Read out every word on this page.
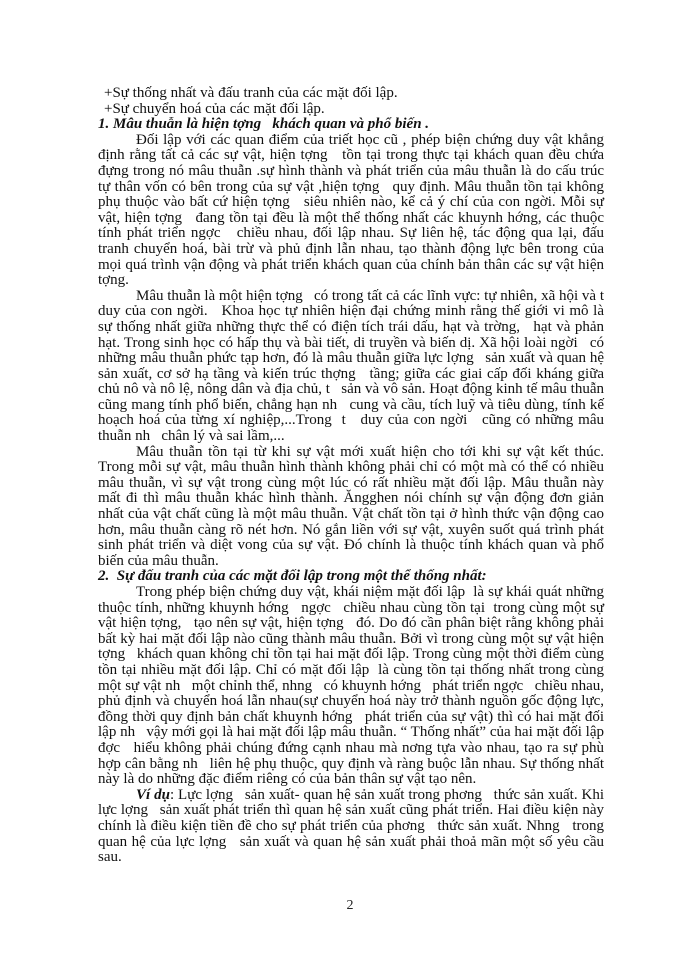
+Sự thống nhất và đấu tranh của các mặt đối lập.
+Sự chuyển hoá của các mặt đối lập.
1. Mâu thuẫn là hiện tợng   khách quan và phổ biến .

Đối lập với các quan điểm của triết học cũ , phép biện chứng duy vật khẳng định rằng tất cả các sự vật, hiện tợng   tồn tại trong thực tại khách quan đều chứa đựng trong nó mâu thuẫn .sự hình thành và phát triển của mâu thuẫn là do cấu trúc tự thân vốn có bên trong của sự vật ,hiện tợng   quy định. Mâu thuẫn tồn tại không phụ thuộc vào bất cứ hiện tợng   siêu nhiên nào, kể cả ý chí của con ngời. Mỗi sự vật, hiện tợng   đang tồn tại đều là một thể thống nhất các khuynh hớng, các thuộc tính phát triển ngợc   chiều nhau, đối lập nhau. Sự liên hệ, tác động qua lại, đấu tranh chuyển hoá, bài trừ và phủ định lẫn nhau, tạo thành động lực bên trong của mọi quá trình vận động và phát triển khách quan của chính bản thân các sự vật hiện tợng.

Mâu thuẫn là một hiện tợng   có trong tất cả các lĩnh vực: tự nhiên, xã hội và t   duy của con ngời.   Khoa học tự nhiên hiện đại chứng minh rằng thế giới vi mô là sự thống nhất giữa những thực thể có điện tích trái dấu, hạt và trờng,   hạt và phản hạt. Trong sinh học có hấp thụ và bài tiết, di truyền và biến dị. Xã hội loài ngời   có những mâu thuẫn phức tạp hơn, đó là mâu thuẫn giữa lực lợng   sản xuất và quan hệ sản xuất, cơ sở hạ tầng và kiến trúc thợng   tầng; giữa các giai cấp đối kháng giữa chủ nô và nô lệ, nông dân và địa chủ, t   sản và vô sản. Hoạt động kinh tế mâu thuẫn cũng mang tính phổ biến, chẳng hạn nh   cung và cầu, tích luỹ và tiêu dùng, tính kế hoạch hoá của từng xí nghiệp,...Trong  t   duy của con ngời   cũng có những mâu thuẫn nh   chân lý và sai lầm,...

Mâu thuẫn tồn tại từ khi sự vật mới xuất hiện cho tới khi sự vật kết thúc. Trong mỗi sự vật, mâu thuẫn hình thành không phải chỉ có một mà có thể có nhiều mâu thuẫn, vì sự vật trong cùng một lúc có rất nhiều mặt đối lập. Mâu thuẫn này mất đi thì mâu thuẫn khác hình thành. Ăngghen nói chính sự vận động đơn giản nhất của vật chất cũng là một mâu thuẫn. Vật chất tồn tại ở hình thức vận động cao hơn, mâu thuẫn càng rõ nét hơn. Nó gắn liền với sự vật, xuyên suốt quá trình phát sinh phát triển và diệt vong của sự vật. Đó chính là thuộc tính khách quan và phổ biến của mâu thuẫn.

2.  Sự đấu tranh của các mặt đối lập trong một thể thống nhất:

Trong phép biện chứng duy vật, khái niệm mặt đối lập  là sự khái quát những thuộc tính, những khuynh hớng   ngợc   chiều nhau cùng tồn tại  trong cùng một sự vật hiện tợng,   tạo nên sự vật, hiện tợng   đó. Do đó cần phân biệt rằng không phải bất kỳ hai mặt đối lập nào cũng thành mâu thuẫn. Bởi vì trong cùng một sự vật hiện tợng   khách quan không chỉ tồn tại hai mặt đối lập. Trong cùng một thời điểm cùng tồn tại nhiều mặt đối lập. Chỉ có mặt đối lập  là cùng tồn tại thống nhất trong cùng một sự vật nh   một chỉnh thể, nhng   có khuynh hớng   phát triển ngợc   chiều nhau, phủ định và chuyển hoá lẫn nhau(sự chuyển hoá này trở thành nguồn gốc động lực, đồng thời quy định bản chất khuynh hớng   phát triển của sự vật) thì có hai mặt đối lập nh   vậy mới gọi là hai mặt đối lập mâu thuẫn. “ Thống nhất” của hai mặt đối lập đợc   hiểu không phải chúng đứng cạnh nhau mà nơng tựa vào nhau, tạo ra sự phù hợp cân bằng nh   liên hệ phụ thuộc, quy định và ràng buộc lẫn nhau. Sự thống nhất này là do những đặc điểm riêng có của bản thân sự vật tạo nên.

Ví dụ: Lực lợng   sản xuất- quan hệ sản xuất trong phơng   thức sản xuất. Khi lực lợng   sản xuất phát triển thì quan hệ sản xuất cũng phát triển. Hai điều kiện này chính là điều kiện tiền đề cho sự phát triển của phơng   thức sản xuất. Nhng   trong quan hệ của lực lợng   sản xuất và quan hệ sản xuất phải thoả mãn một số yêu cầu  sau.

2
